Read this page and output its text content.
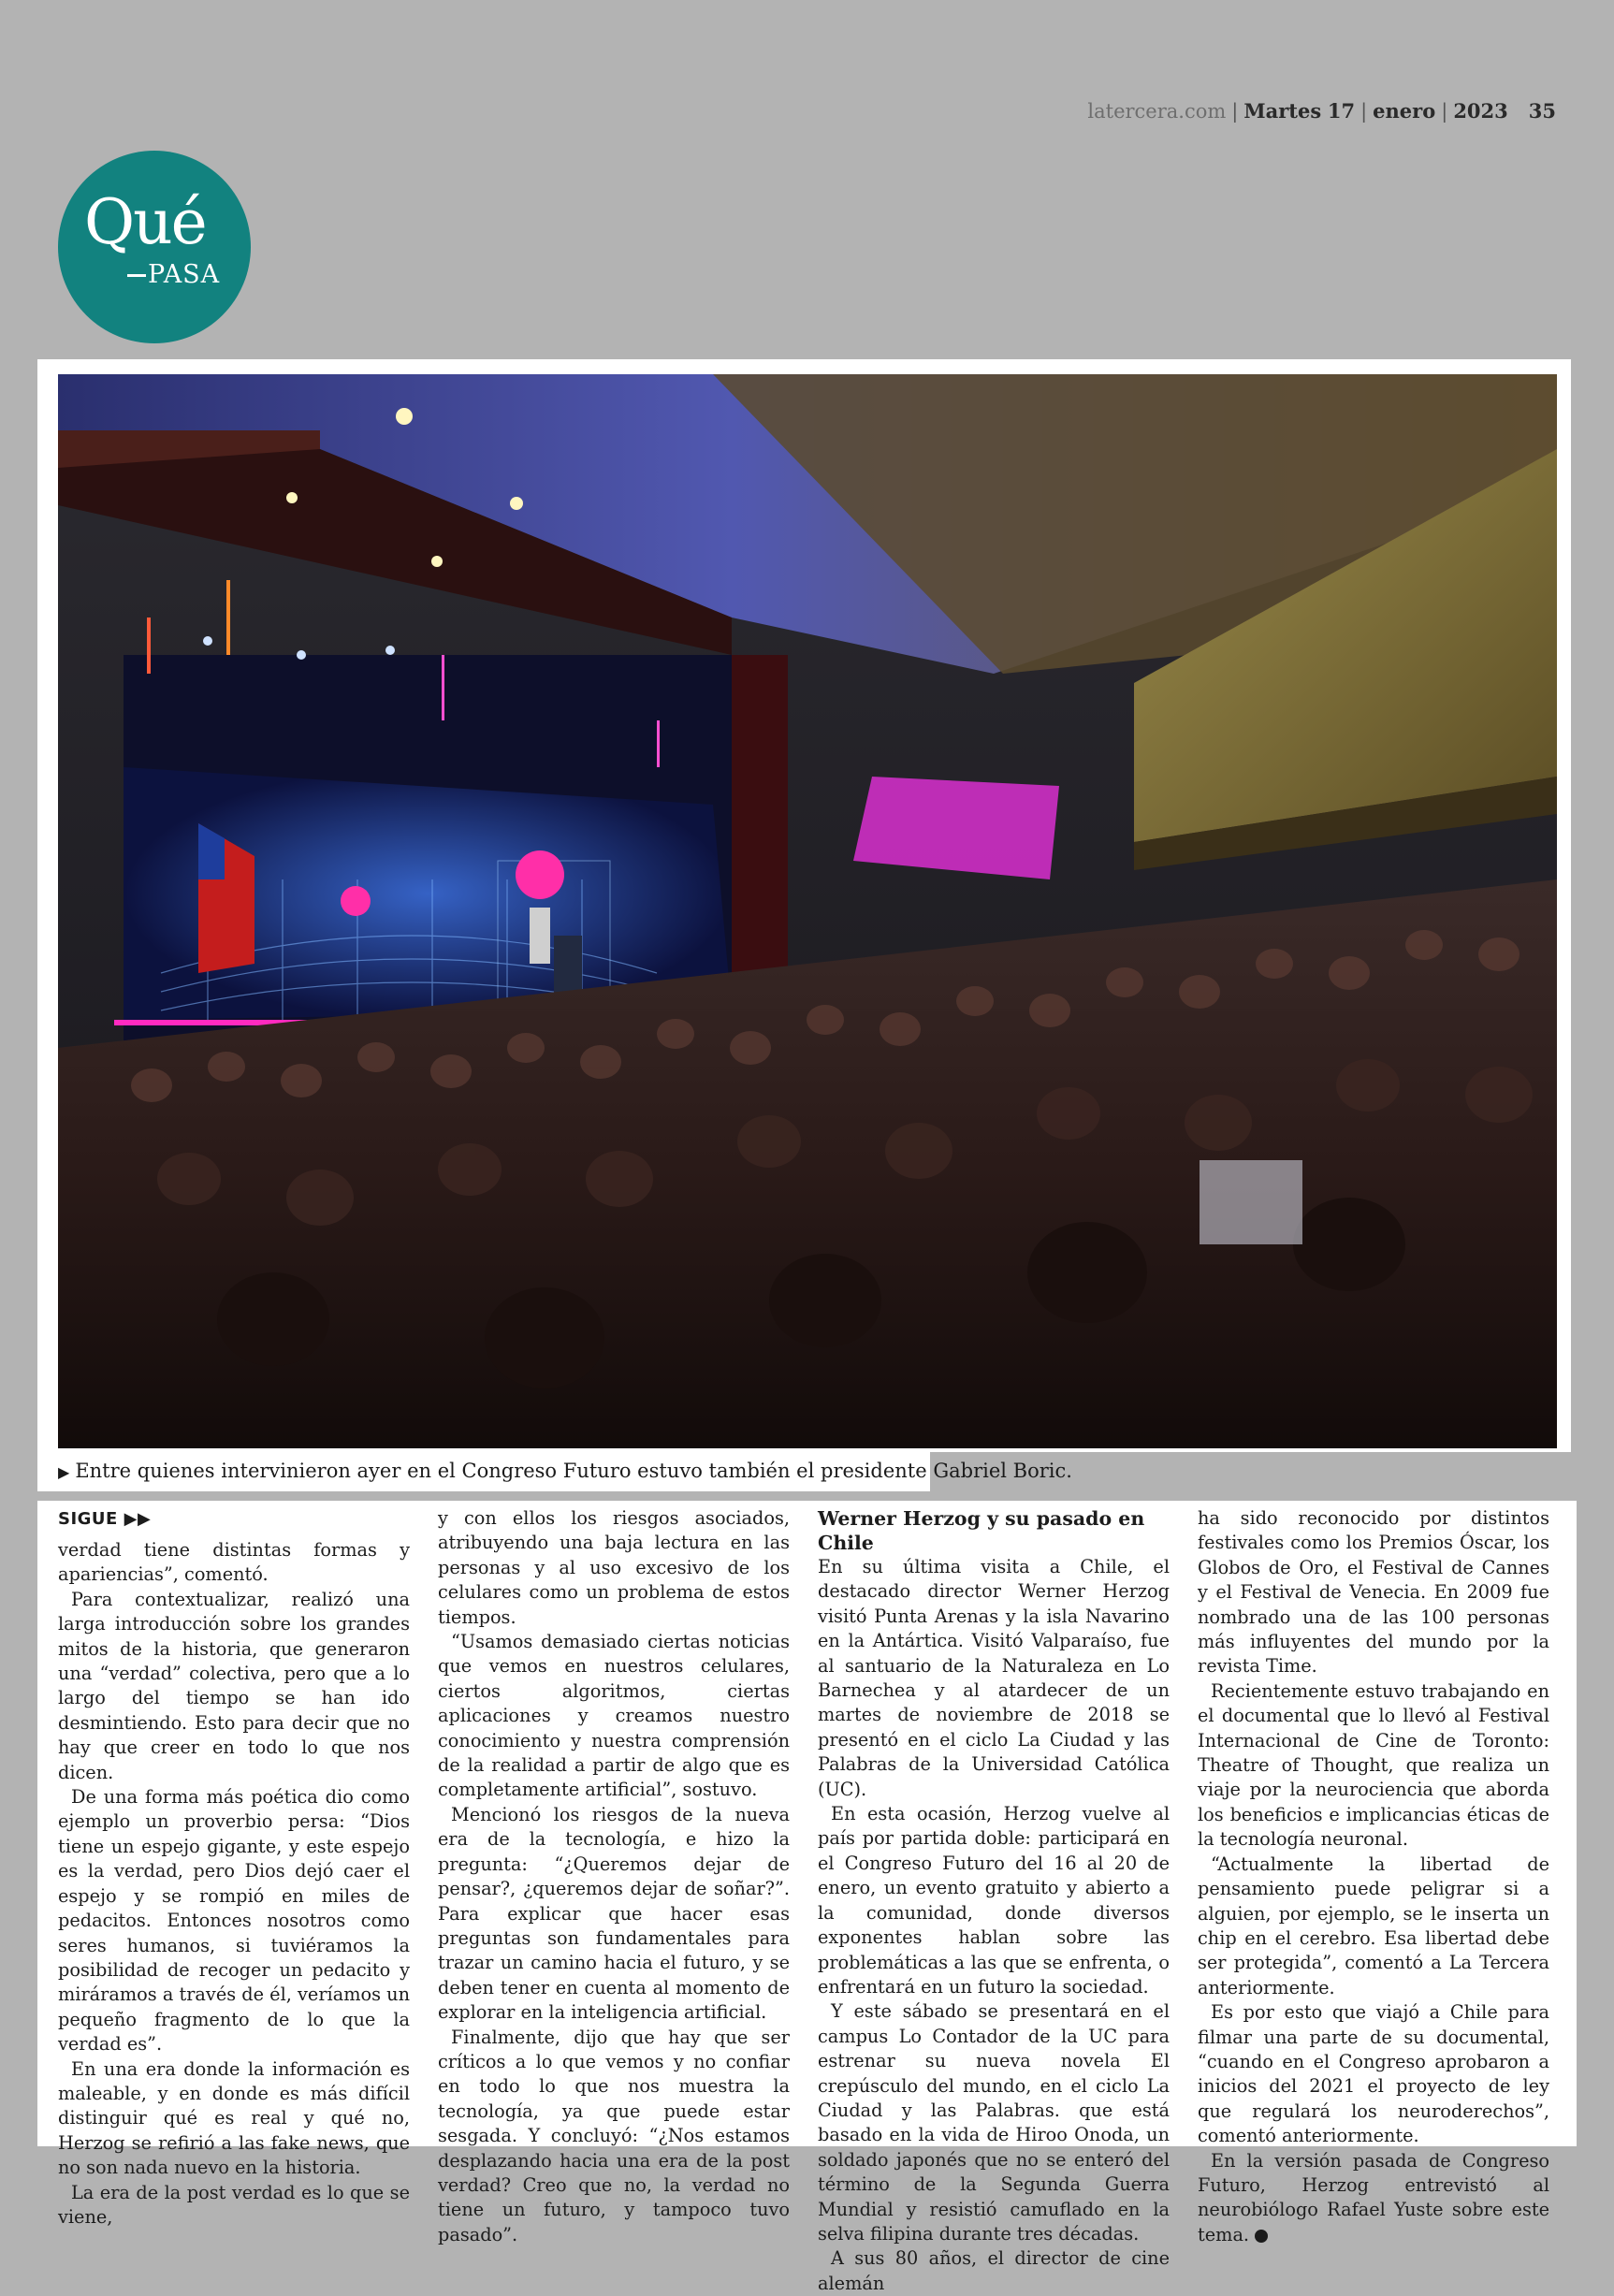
latercera.com | Martes 17 | enero | 2023 35
Qué
PASA
▶ Entre quienes intervinieron ayer en el Congreso Futuro estuvo también el presidente Gabriel Boric.
SIGUE ▶▶

verdad tiene distintas formas y apariencias”, comentó.

Para contextualizar, realizó una larga introducción sobre los grandes mitos de la historia, que generaron una “verdad” colectiva, pero que a lo largo del tiempo se han ido desmintiendo. Esto para decir que no hay que creer en todo lo que nos dicen.

De una forma más poética dio como ejemplo un proverbio persa: “Dios tiene un espejo gigante, y este espejo es la verdad, pero Dios dejó caer el espejo y se rompió en miles de pedacitos. Entonces nosotros como seres humanos, si tuviéramos la posibilidad de recoger un pedacito y miráramos a través de él, veríamos un pequeño fragmento de lo que la verdad es”.

En una era donde la información es maleable, y en donde es más difícil distinguir qué es real y qué no, Herzog se refirió a las fake news, que no son nada nuevo en la historia.

La era de la post verdad es lo que se viene,

y con ellos los riesgos asociados, atribuyendo una baja lectura en las personas y al uso excesivo de los celulares como un problema de estos tiempos.

“Usamos demasiado ciertas noticias que vemos en nuestros celulares, ciertos algoritmos, ciertas aplicaciones y creamos nuestro conocimiento y nuestra comprensión de la realidad a partir de algo que es completamente artificial”, sostuvo.

Mencionó los riesgos de la nueva era de la tecnología, e hizo la pregunta: “¿Queremos dejar de pensar?, ¿queremos dejar de soñar?”. Para explicar que hacer esas preguntas son fundamentales para trazar un camino hacia el futuro, y se deben tener en cuenta al momento de explorar en la inteligencia artificial.

Finalmente, dijo que hay que ser críticos a lo que vemos y no confiar en todo lo que nos muestra la tecnología, ya que puede estar sesgada. Y concluyó: “¿Nos estamos desplazando hacia una era de la post verdad? Creo que no, la verdad no tiene un futuro, y tampoco tuvo pasado”.

Werner Herzog y su pasado en Chile

En su última visita a Chile, el destacado director Werner Herzog visitó Punta Arenas y la isla Navarino en la Antártica. Visitó Valparaíso, fue al santuario de la Naturaleza en Lo Barnechea y al atardecer de un martes de noviembre de 2018 se presentó en el ciclo La Ciudad y las Palabras de la Universidad Católica (UC).

En esta ocasión, Herzog vuelve al país por partida doble: participará en el Congreso Futuro del 16 al 20 de enero, un evento gratuito y abierto a la comunidad, donde diversos exponentes hablan sobre las problemáticas a las que se enfrenta, o enfrentará en un futuro la sociedad.

Y este sábado se presentará en el campus Lo Contador de la UC para estrenar su nueva novela El crepúsculo del mundo, en el ciclo La Ciudad y las Palabras. que está basado en la vida de Hiroo Onoda, un soldado japonés que no se enteró del término de la Segunda Guerra Mundial y resistió camuflado en la selva filipina durante tres décadas.

A sus 80 años, el director de cine alemán

ha sido reconocido por distintos festivales como los Premios Óscar, los Globos de Oro, el Festival de Cannes y el Festival de Venecia. En 2009 fue nombrado una de las 100 personas más influyentes del mundo por la revista Time.

Recientemente estuvo trabajando en el documental que lo llevó al Festival Internacional de Cine de Toronto: Theatre of Thought, que realiza un viaje por la neurociencia que aborda los beneficios e implicancias éticas de la tecnología neuronal.

“Actualmente la libertad de pensamiento puede peligrar si a alguien, por ejemplo, se le inserta un chip en el cerebro. Esa libertad debe ser protegida”, comentó a La Tercera anteriormente.

Es por esto que viajó a Chile para filmar una parte de su documental, “cuando en el Congreso aprobaron a inicios del 2021 el proyecto de ley que regulará los neuroderechos”, comentó anteriormente.

En la versión pasada de Congreso Futuro, Herzog entrevistó al neurobiólogo Rafael Yuste sobre este tema.
